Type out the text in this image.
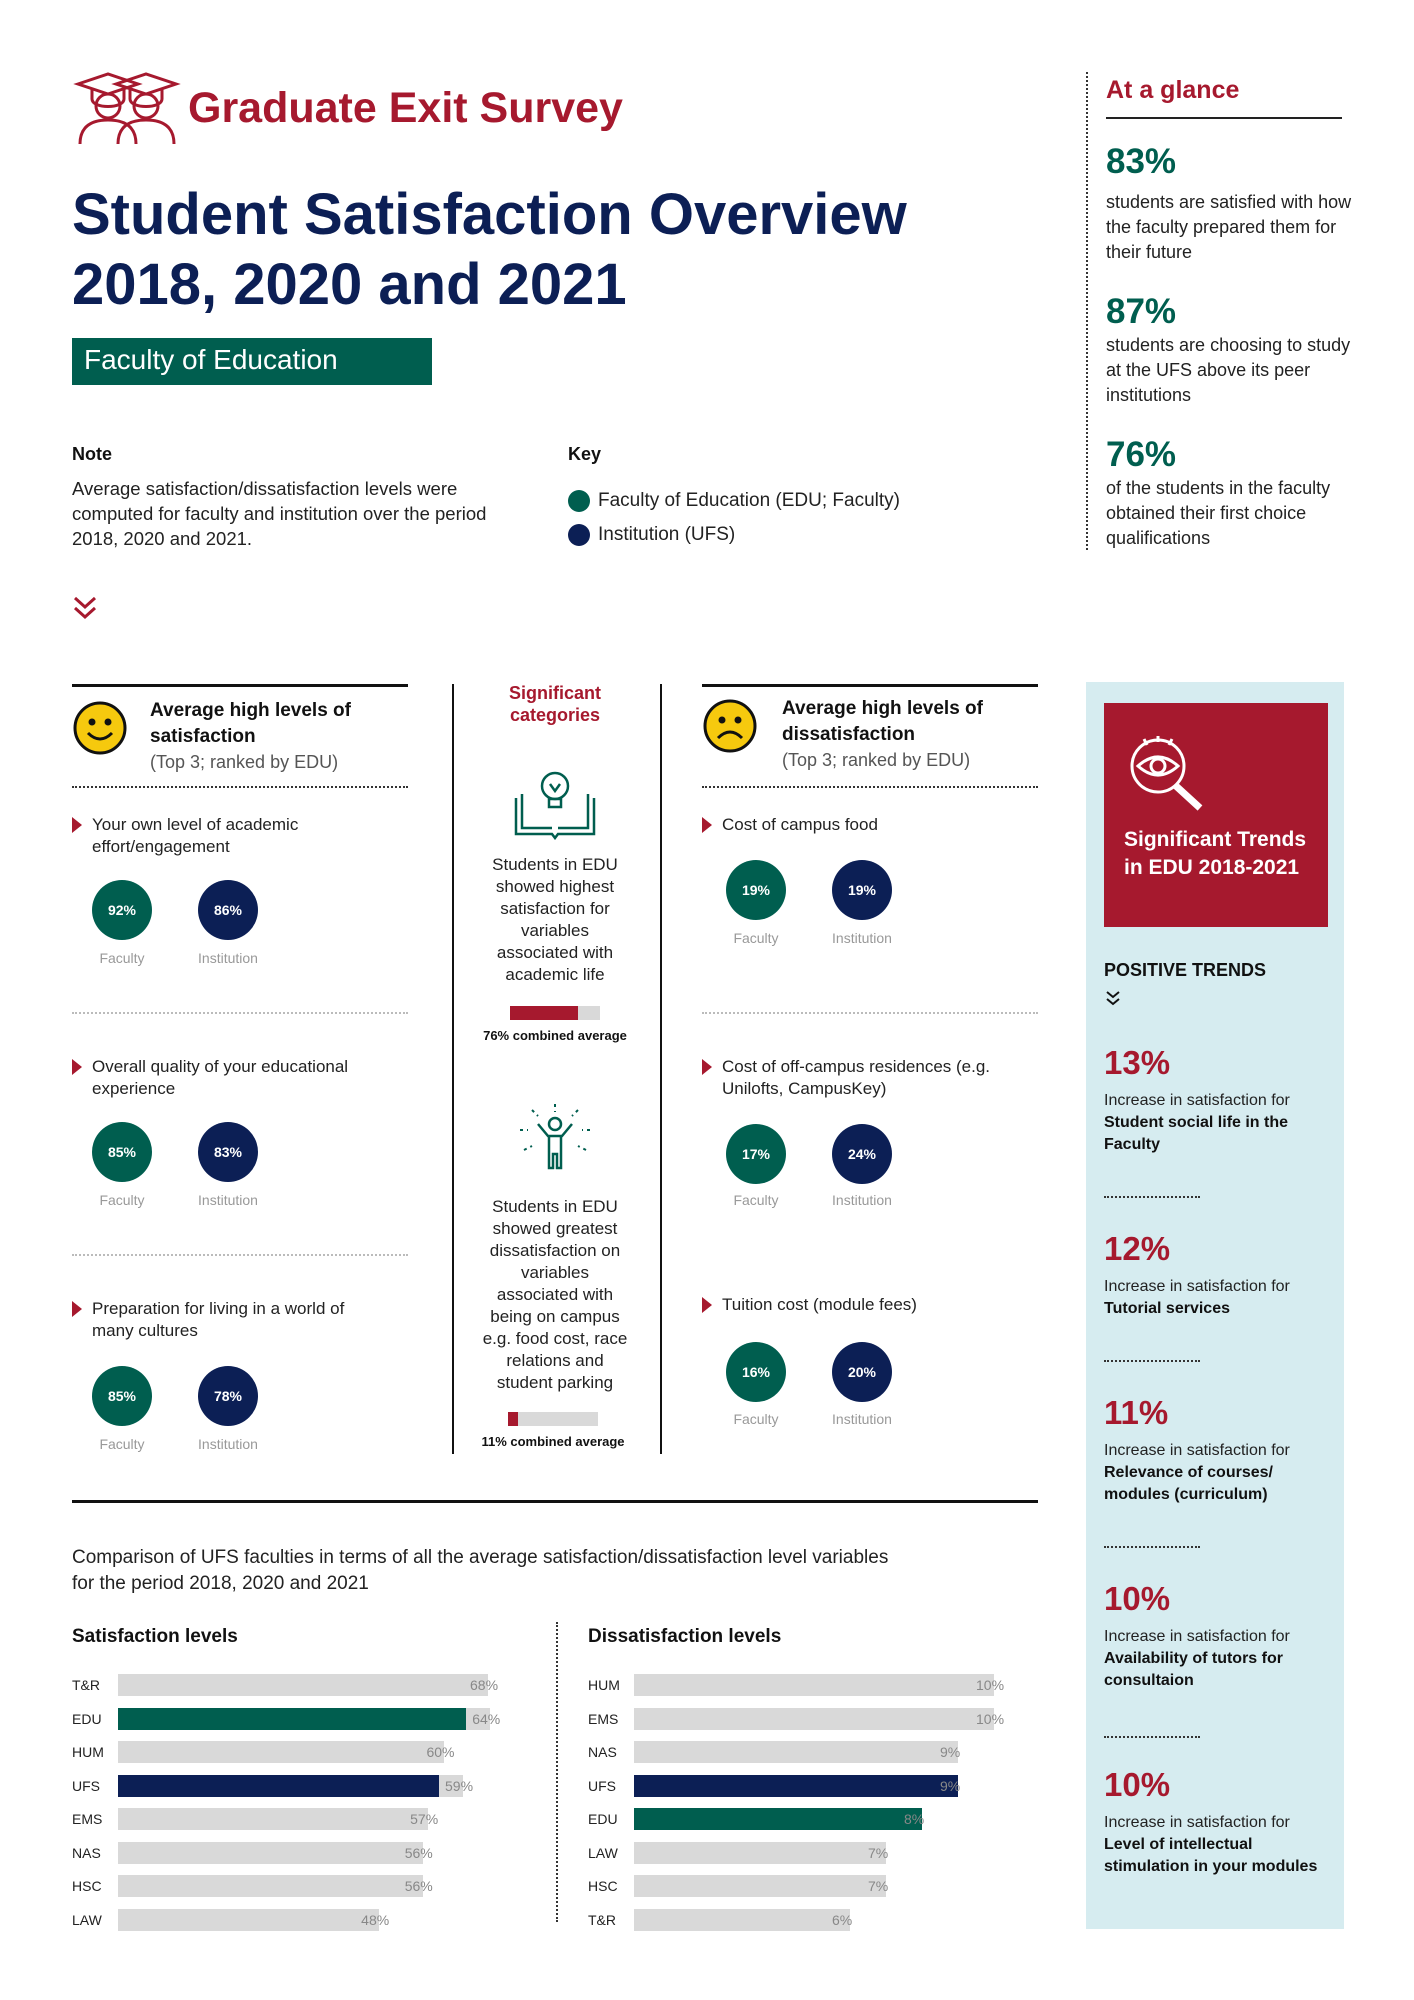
Graduate Exit Survey
Student Satisfaction Overview
2018, 2020 and 2021
Faculty of Education
Note
Average satisfaction/dissatisfaction levels were computed for faculty and institution over the period 2018, 2020 and 2021.
Key
Faculty of Education (EDU; Faculty)
Institution (UFS)
At a glance
83%
students are satisfied with how the faculty prepared them for their future
87%
students are choosing to study at the UFS above its peer institutions
76%
of the students in the faculty obtained their first choice qualifications
Average high levels of satisfaction
(Top 3; ranked by EDU)
Your own level of academic effort/engagement
92%	86%
Faculty	Institution
Overall quality of your educational experience
85%	83%
Faculty	Institution
Preparation for living in a world of many cultures
85%	78%
Faculty	Institution
Significant categories
Students in EDU showed highest satisfaction for variables associated with academic life
76% combined average
Students in EDU showed greatest dissatisfaction on variables associated with being on campus e.g. food cost, race relations and student parking
11% combined average
Average high levels of dissatisfaction
(Top 3; ranked by EDU)
Cost of campus food
19%	19%
Faculty	Institution
Cost of off-campus residences (e.g. Unilofts, CampusKey)
17%	24%
Faculty	Institution
Tuition cost (module fees)
16%	20%
Faculty	Institution
Significant Trends in EDU 2018-2021
POSITIVE TRENDS
13%
Increase in satisfaction for
Student social life in the Faculty
12%
Increase in satisfaction for
Tutorial services
11%
Increase in satisfaction for
Relevance of courses/ modules (curriculum)
10%
Increase in satisfaction for
Availability of tutors for consultaion
10%
Increase in satisfaction for
Level of intellectual stimulation in your modules
Comparison of UFS faculties in terms of all the average satisfaction/dissatisfaction level variables for the period 2018, 2020 and 2021
Satisfaction levels	Dissatisfaction levels
T&R	68%
EDU	64%
HUM	60%
UFS	59%
EMS	57%
NAS	56%
HSC	56%
LAW	48%
HUM	10%
EMS	10%
NAS	9%
UFS	9%
EDU	8%
LAW	7%
HSC	7%
T&R	6%
